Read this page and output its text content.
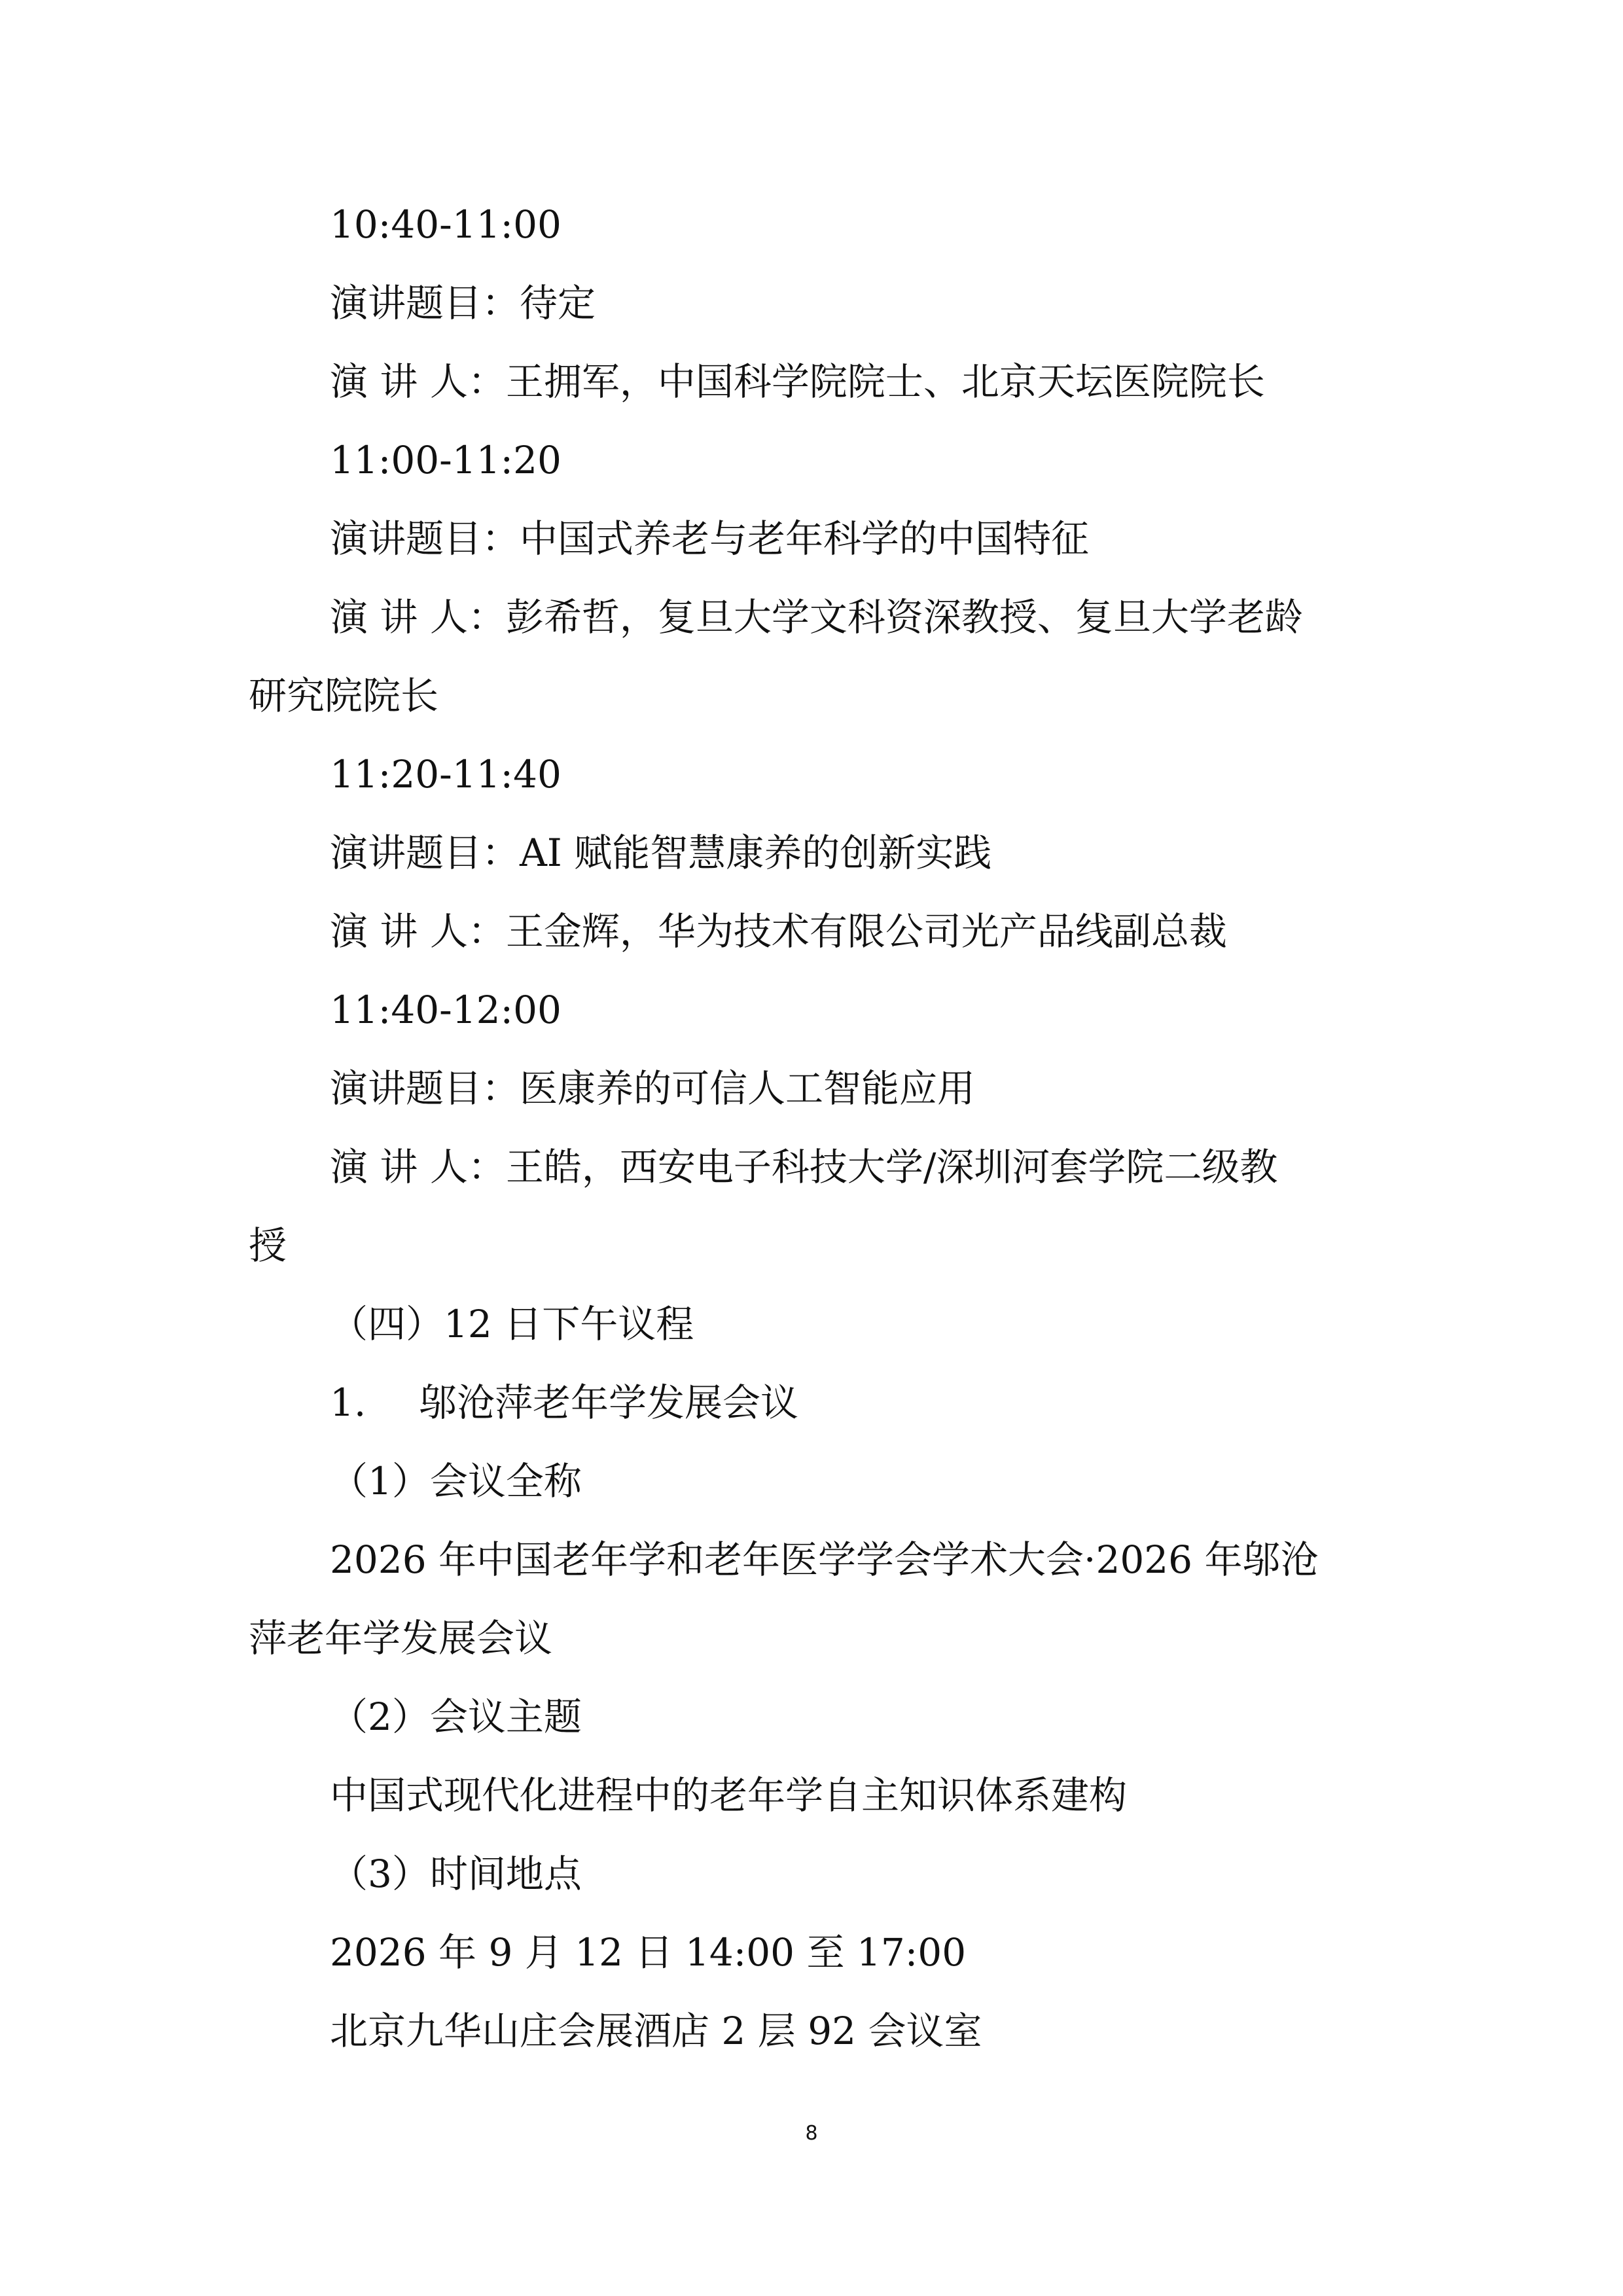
10:40-11:00
演讲题目：待定
演 讲 人：王拥军，中国科学院院士、北京天坛医院院长
11:00-11:20
演讲题目：中国式养老与老年科学的中国特征
演 讲 人：彭希哲，复旦大学文科资深教授、复旦大学老龄
研究院院长
11:20-11:40
演讲题目：AI 赋能智慧康养的创新实践
演 讲 人：王金辉，华为技术有限公司光产品线副总裁
11:40-12:00
演讲题目：医康养的可信人工智能应用
演 讲 人：王皓，西安电子科技大学/深圳河套学院二级教
授
（四）12 日下午议程
1. 邬沧萍老年学发展会议
（1）会议全称
2026 年中国老年学和老年医学学会学术大会·2026 年邬沧
萍老年学发展会议
（2）会议主题
中国式现代化进程中的老年学自主知识体系建构
（3）时间地点
2026 年 9 月 12 日 14:00 至 17:00
北京九华山庄会展酒店 2 层 92 会议室
8
